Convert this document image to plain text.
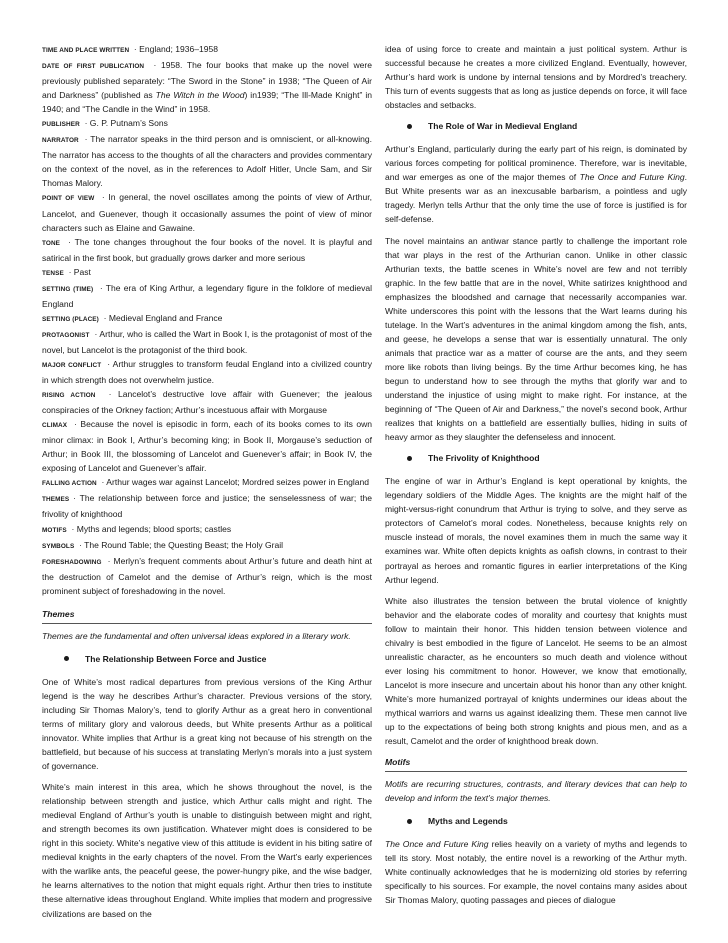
TIME AND PLACE WRITTEN · England; 1936–1958

DATE OF FIRST PUBLICATION · 1958. The four books that make up the novel were previously published separately: “The Sword in the Stone” in 1938; “The Queen of Air and Darkness” (published as The Witch in the Wood) in1939; “The Ill-Made Knight” in 1940; and “The Candle in the Wind” in 1958.

PUBLISHER · G. P. Putnam’s Sons

NARRATOR · The narrator speaks in the third person and is omniscient, or all-knowing. The narrator has access to the thoughts of all the characters and provides commentary on the context of the novel, as in the references to Adolf Hitler, Uncle Sam, and Sir Thomas Malory.

POINT OF VIEW · In general, the novel oscillates among the points of view of Arthur, Lancelot, and Guenever, though it occasionally assumes the point of view of minor characters such as Elaine and Gawaine.

TONE · The tone changes throughout the four books of the novel. It is playful and satirical in the first book, but gradually grows darker and more serious

TENSE · Past

SETTING (TIME) · The era of King Arthur, a legendary figure in the folklore of medieval England

SETTING (PLACE) · Medieval England and France

PROTAGONIST · Arthur, who is called the Wart in Book I, is the protagonist of most of the novel, but Lancelot is the protagonist of the third book.

MAJOR CONFLICT · Arthur struggles to transform feudal England into a civilized country in which strength does not overwhelm justice.

RISING ACTION · Lancelot’s destructive love affair with Guenever; the jealous conspiracies of the Orkney faction; Arthur’s incestuous affair with Morgause

CLIMAX · Because the novel is episodic in form, each of its books comes to its own minor climax: in Book I, Arthur’s becoming king; in Book II, Morgause’s seduction of Arthur; in Book III, the blossoming of Lancelot and Guenever’s affair; in Book IV, the exposing of Lancelot and Guenever’s affair.

FALLING ACTION · Arthur wages war against Lancelot; Mordred seizes power in England

THEMES · The relationship between force and justice; the senselessness of war; the frivolity of knighthood

MOTIFS · Myths and legends; blood sports; castles

SYMBOLS · The Round Table; the Questing Beast; the Holy Grail

FORESHADOWING · Merlyn’s frequent comments about Arthur’s future and death hint at the destruction of Camelot and the demise of Arthur’s reign, which is the most prominent subject of foreshadowing in the novel.

Themes

Themes are the fundamental and often universal ideas explored in a literary work.

The Relationship Between Force and Justice

One of White’s most radical departures from previous versions of the King Arthur legend is the way he describes Arthur’s character. Previous versions of the story, including Sir Thomas Malory’s, tend to glorify Arthur as a great hero in conventional terms of military glory and valorous deeds, but White presents Arthur as a political innovator. White implies that Arthur is a great king not because of his strength on the battlefield, but because of his success at translating Merlyn’s morals into a just system of governance.

White’s main interest in this area, which he shows throughout the novel, is the relationship between strength and justice, which Arthur calls might and right. The medieval England of Arthur’s youth is unable to distinguish between might and right, and strength becomes its own justification. Whatever might does is considered to be right in this society. White’s negative view of this attitude is evident in his biting satire of medieval knights in the early chapters of the novel. From the Wart’s early experiences with the warlike ants, the peaceful geese, the power-hungry pike, and the wise badger, he learns alternatives to the notion that might equals right. Arthur then tries to institute these alternative ideas throughout England. White implies that modern and progressive civilizations are based on the

idea of using force to create and maintain a just political system. Arthur is successful because he creates a more civilized England. Eventually, however, Arthur’s hard work is undone by internal tensions and by Mordred’s treachery. This turn of events suggests that as long as justice depends on force, it will face obstacles and setbacks.

The Role of War in Medieval England

Arthur’s England, particularly during the early part of his reign, is dominated by various forces competing for political prominence. Therefore, war is inevitable, and war emerges as one of the major themes of The Once and Future King. But White presents war as an inexcusable barbarism, a pointless and ugly tragedy. Merlyn tells Arthur that the only time the use of force is justified is for self-defense.

The novel maintains an antiwar stance partly to challenge the important role that war plays in the rest of the Arthurian canon. Unlike in other classic Arthurian texts, the battle scenes in White’s novel are few and not terribly graphic. In the few battle that are in the novel, White satirizes knighthood and emphasizes the bloodshed and carnage that necessarily accompanies war. White underscores this point with the lessons that the Wart learns during his tutelage. In the Wart’s adventures in the animal kingdom among the fish, ants, and geese, he develops a sense that war is essentially unnatural. The only animals that practice war as a matter of course are the ants, and they seem more like robots than living beings. By the time Arthur becomes king, he has begun to understand how to see through the myths that glorify war and to understand the injustice of using might to make right. For instance, at the beginning of “The Queen of Air and Darkness,” the novel’s second book, Arthur realizes that knights on a battlefield are essentially bullies, hiding in suits of heavy armor as they slaughter the defenseless and innocent.

The Frivolity of Knighthood

The engine of war in Arthur’s England is kept operational by knights, the legendary soldiers of the Middle Ages. The knights are the might half of the might-versus-right conundrum that Arthur is trying to solve, and they serve as protectors of Camelot’s moral codes. Nonetheless, because knights rely on muscle instead of morals, the novel examines them in much the same way it examines war. White often depicts knights as oafish clowns, in contrast to their portrayal as heroes and romantic figures in earlier interpretations of the King Arthur legend.

White also illustrates the tension between the brutal violence of knightly behavior and the elaborate codes of morality and courtesy that knights must follow to maintain their honor. This hidden tension between violence and chivalry is best embodied in the figure of Lancelot. He seems to be an almost unrealistic character, as he encounters so much death and violence without ever losing his commitment to honor. However, we know that emotionally, Lancelot is more insecure and uncertain about his honor than any other knight. White’s more humanized portrayal of knights undermines our ideas about the mythical warriors and warns us against idealizing them. These men cannot live up to the expectations of being both strong knights and pious men, and as a result, Camelot and the order of knighthood break down.

Motifs

Motifs are recurring structures, contrasts, and literary devices that can help to develop and inform the text’s major themes.

Myths and Legends

The Once and Future King relies heavily on a variety of myths and legends to tell its story. Most notably, the entire novel is a reworking of the Arthur myth. White continually acknowledges that he is modernizing old stories by referring specifically to his sources. For example, the novel contains many asides about Sir Thomas Malory, quoting passages and pieces of dialogue
